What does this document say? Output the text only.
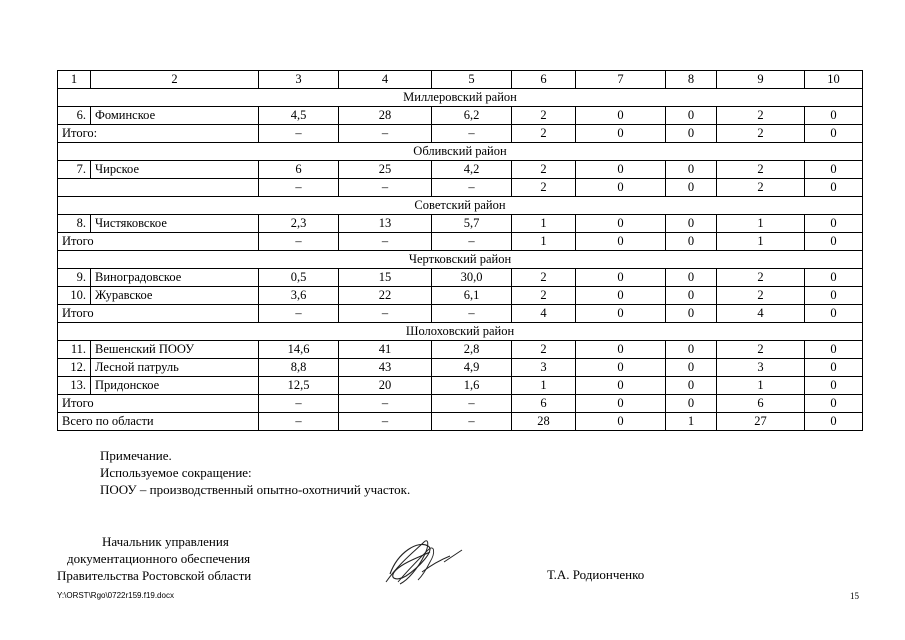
1	2	3	4	5	6	7	8	9	10
Миллеровский район									
6.	Фоминское	4,5	28	6,2	2	0	0	2	0
Итого:		–	–	–	2	0	0	2	0
Обливский район									
7.	Чирское	6	25	4,2	2	0	0	2	0
		–	–	–	2	0	0	2	0
Советский район									
8.	Чистяковское	2,3	13	5,7	1	0	0	1	0
Итого		–	–	–	1	0	0	1	0
Чертковский район									
9.	Виноградовское	0,5	15	30,0	2	0	0	2	0
10.	Журавское	3,6	22	6,1	2	0	0	2	0
Итого		–	–	–	4	0	0	4	0
Шолоховский район									
11.	Вешенский ПООУ	14,6	41	2,8	2	0	0	2	0
12.	Лесной патруль	8,8	43	4,9	3	0	0	3	0
13.	Придонское	12,5	20	1,6	1	0	0	1	0
Итого		–	–	–	6	0	0	6	0
Всего по области		–	–	–	28	0	1	27	0
Примечание.
Используемое сокращение:
ПООУ – производственный опытно-охотничий участок.
Начальник управления
документационного обеспечения
Правительства Ростовской области	Т.А. Родионченко
Y:\ORST\Rgo\0722r159.f19.docx	15
